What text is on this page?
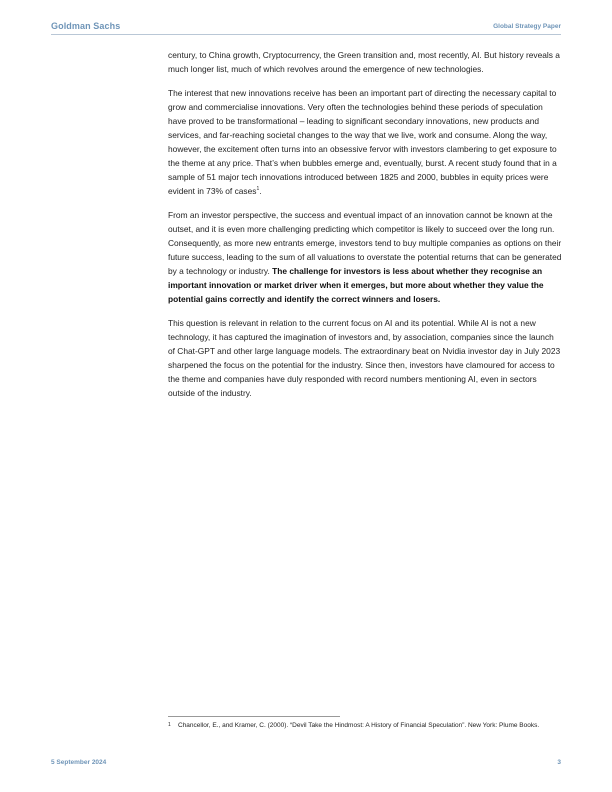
Goldman Sachs	Global Strategy Paper

century, to China growth, Cryptocurrency, the Green transition and, most recently, AI. But history reveals a much longer list, much of which revolves around the emergence of new technologies.

The interest that new innovations receive has been an important part of directing the necessary capital to grow and commercialise innovations. Very often the technologies behind these periods of speculation have proved to be transformational – leading to significant secondary innovations, new products and services, and far-reaching societal changes to the way that we live, work and consume. Along the way, however, the excitement often turns into an obsessive fervor with investors clambering to get exposure to the theme at any price. That’s when bubbles emerge and, eventually, burst. A recent study found that in a sample of 51 major tech innovations introduced between 1825 and 2000, bubbles in equity prices were evident in 73% of cases$^1$.

From an investor perspective, the success and eventual impact of an innovation cannot be known at the outset, and it is even more challenging predicting which competitor is likely to succeed over the long run. Consequently, as more new entrants emerge, investors tend to buy multiple companies as options on their future success, leading to the sum of all valuations to overstate the potential returns that can be generated by a technology or industry. The challenge for investors is less about whether they recognise an important innovation or market driver when it emerges, but more about whether they value the potential gains correctly and identify the correct winners and losers.

This question is relevant in relation to the current focus on AI and its potential. While AI is not a new technology, it has captured the imagination of investors and, by association, companies since the launch of Chat-GPT and other large language models. The extraordinary beat on Nvidia investor day in July 2023 sharpened the focus on the potential for the industry. Since then, investors have clamoured for access to the theme and companies have duly responded with record numbers mentioning AI, even in sectors outside of the industry.

1 Chancellor, E., and Kramer, C. (2000). “Devil Take the Hindmost: A History of Financial Speculation”. New York: Plume Books.
5 September 2024	3
